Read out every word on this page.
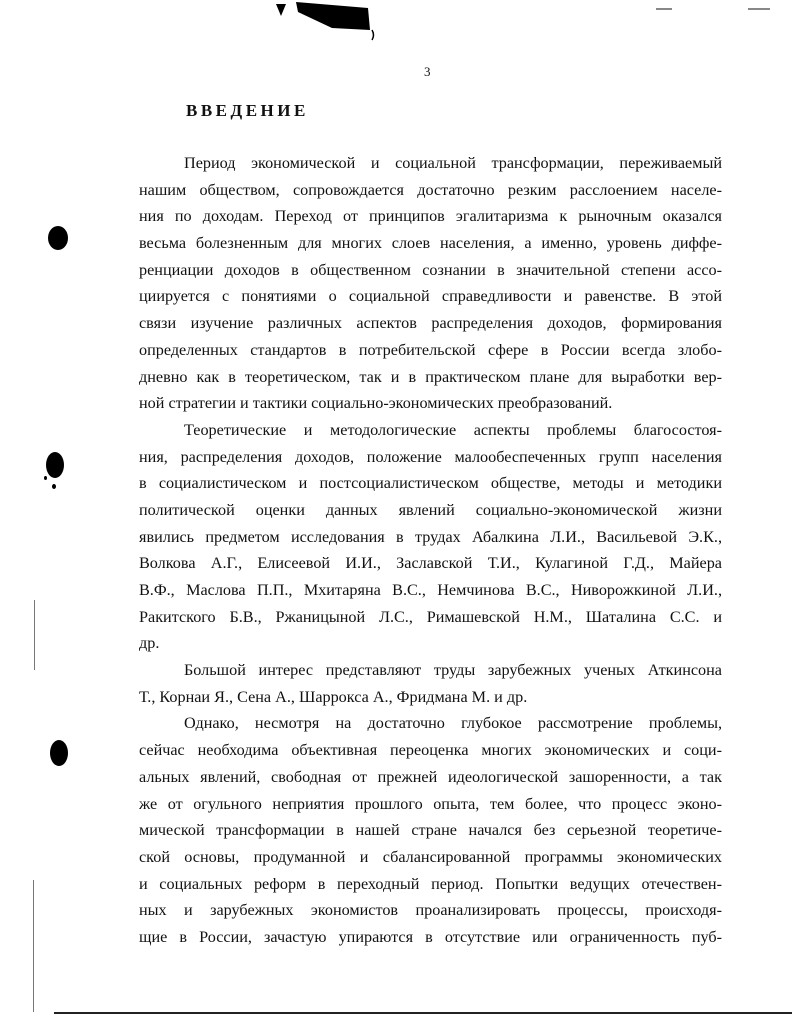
3
ВВЕДЕНИЕ
Период экономической и социальной трансформации, переживаемый
нашим обществом, сопровождается достаточно резким расслоением населе-
ния по доходам. Переход от принципов эгалитаризма к рыночным оказался
весьма болезненным для многих слоев населения, а именно, уровень диффе-
ренциации доходов в общественном сознании в значительной степени ассо-
циируется с понятиями о социальной справедливости и равенстве. В этой
связи изучение различных аспектов распределения доходов, формирования
определенных стандартов в потребительской сфере в России всегда злобо-
дневно как в теоретическом, так и в практическом плане для выработки вер-
ной стратегии и тактики социально-экономических преобразований.
Теоретические и методологические аспекты проблемы благосостоя-
ния, распределения доходов, положение малообеспеченных групп населения
в социалистическом и постсоциалистическом обществе, методы и методики
политической оценки данных явлений социально-экономической жизни
явились предметом исследования в трудах Абалкина Л.И., Васильевой Э.К.,
Волкова А.Г., Елисеевой И.И., Заславской Т.И., Кулагиной Г.Д., Майера
В.Ф., Маслова П.П., Мхитаряна В.С., Немчинова В.С., Ниворожкиной Л.И.,
Ракитского Б.В., Ржаницыной Л.С., Римашевской Н.М., Шаталина С.С. и
др.
Большой интерес представляют труды зарубежных ученых Аткинсона
Т., Корнаи Я., Сена А., Шаррокса А., Фридмана М. и др.
Однако, несмотря на достаточно глубокое рассмотрение проблемы,
сейчас необходима объективная переоценка многих экономических и соци-
альных явлений, свободная от прежней идеологической зашоренности, а так
же от огульного неприятия прошлого опыта, тем более, что процесс эконо-
мической трансформации в нашей стране начался без серьезной теоретиче-
ской основы, продуманной и сбалансированной программы экономических
и социальных реформ в переходный период. Попытки ведущих отечествен-
ных и зарубежных экономистов проанализировать процессы, происходя-
щие в России, зачастую упираются в отсутствие или ограниченность пуб-
